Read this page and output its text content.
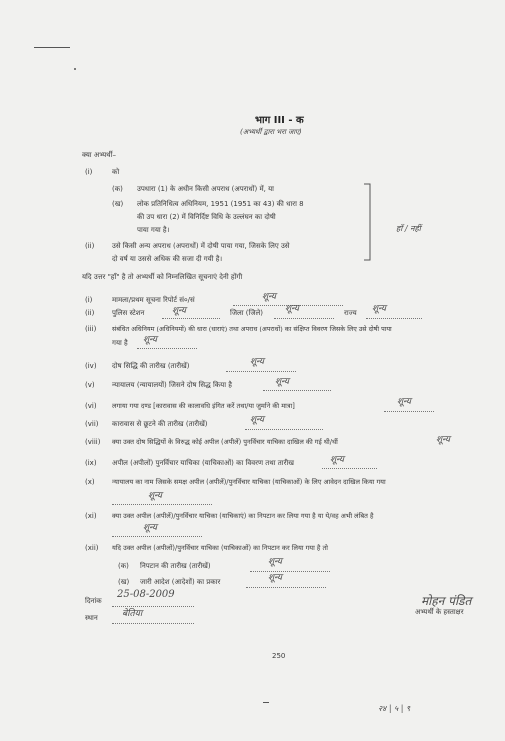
भाग III - क
(अभ्यर्थी द्वारा भरा जाए)
क्या अभ्यर्थी–
(i)	को
(क) उपधारा (1) के अधीन किसी अपराध (अपराधों) में, या
(ख) लोक प्रतिनिधित्व अधिनियम, 1951 (1951 का 43) की धारा 8
की उप धारा (2) में विनिर्दिष्ट विधि के उल्लंघन का दोषी
पाया गया है।
(ii)	उसे किसी अन्य अपराध (अपराधों) में दोषी पाया गया, जिसके लिए उसे
दो वर्ष या उससे अधिक की सजा दी गयी है।
हाँ / नहीं
यदि उत्तर "हाँ" है तो अभ्यर्थी को निम्नलिखित सूचनाएं देनी होंगी
(i)	मामला/प्रथम सूचना रिपोर्ट सं०/सं	शून्य
(ii)	पुलिस स्टेशन	शून्य	जिला (जिले) शून्य	राज्य शून्य
(iii) संबंधित अधिनियम (अधिनियमों) की धारा (धाराएं) तथा अपराध (अपराधों) का संक्षिप्त विवरण जिसके लिए उसे दोषी पाया
गया है शून्य
(iv) दोष सिद्धि की तारीख (तारीखें)	शून्य
(v) न्यायालय (न्यायालयों) जिसने दोष सिद्ध किया है	शून्य
(vi) लगाया गया दण्ड [कारावास की कालावधि इंगित करें तथा/या जुर्माने की मात्रा]	शून्य
(vii) कारावास से छूटने की तारीख (तारीखें)	शून्य
(viii) क्या उक्त दोष सिद्धियों के विरुद्ध कोई अपील (अपीलें) पुनर्विचार याचिका दाखिल की गई थी/थीं	शून्य
(ix) अपील (अपीलों) पुनर्विचार याचिका (याचिकाओं) का विवरण तथा तारीख	शून्य
(x)	न्यायालय का नाम जिसके समक्ष अपील (अपीलें)/पुनर्विचार याचिका (याचिकाओं) के लिए आवेदन दाखिल किया गया
शून्य
(xi) क्या उक्त अपील (अपीलें)/पुनर्विचार याचिका (याचिकाएं) का निपटान कर लिया गया है या ये/वह अभी लंबित है
शून्य
(xii) यदि उक्त अपील (अपीलों)/पुनर्विचार याचिका (याचिकाओं) का निपटान कर लिया गया है तो
(क) निपटान की तारीख (तारीखें)	शून्य
(ख) जारी आदेश (आदेशों) का प्रकार	शून्य
दिनांक
25-08-2009
स्थान	बेतिया
मोहन पंडित
अभ्यर्थी के हस्ताक्षर
250
२४ | ५ | ९
